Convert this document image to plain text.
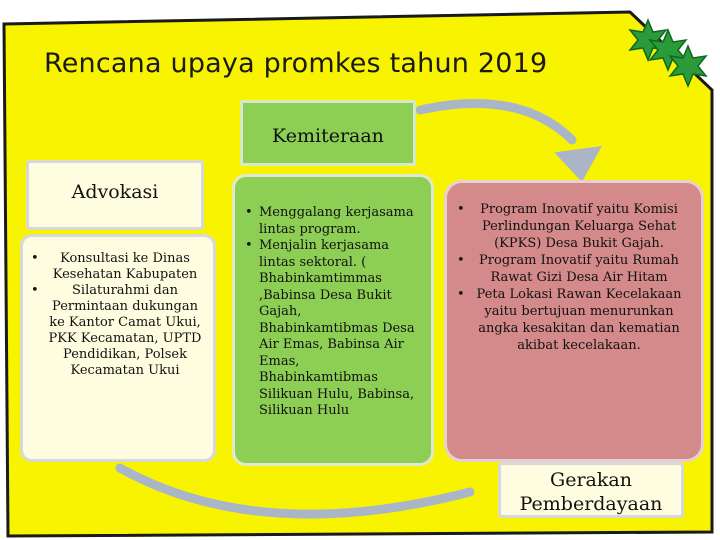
Rencana upaya promkes tahun 2019
Kemiteraan
Advokasi
• Konsultasi ke Dinas Kesehatan Kabupaten
• Silaturahmi dan Permintaan dukungan ke Kantor Camat Ukui, PKK Kecamatan, UPTD Pendidikan, Polsek Kecamatan Ukui
• Menggalang kerjasama lintas program.
• Menjalin kerjasama lintas sektoral. ( Bhabinkamtimmas ,Babinsa Desa Bukit Gajah, Bhabinkamtibmas Desa Air Emas, Babinsa Air Emas, Bhabinkamtibmas Silikuan Hulu, Babinsa, Silikuan Hulu
• Program Inovatif yaitu Komisi Perlindungan Keluarga Sehat (KPKS) Desa Bukit Gajah.
• Program Inovatif yaitu Rumah Rawat Gizi Desa Air Hitam
• Peta Lokasi Rawan Kecelakaan yaitu bertujuan menurunkan angka kesakitan dan kematian akibat kecelakaan.
Gerakan
Pemberdayaan
